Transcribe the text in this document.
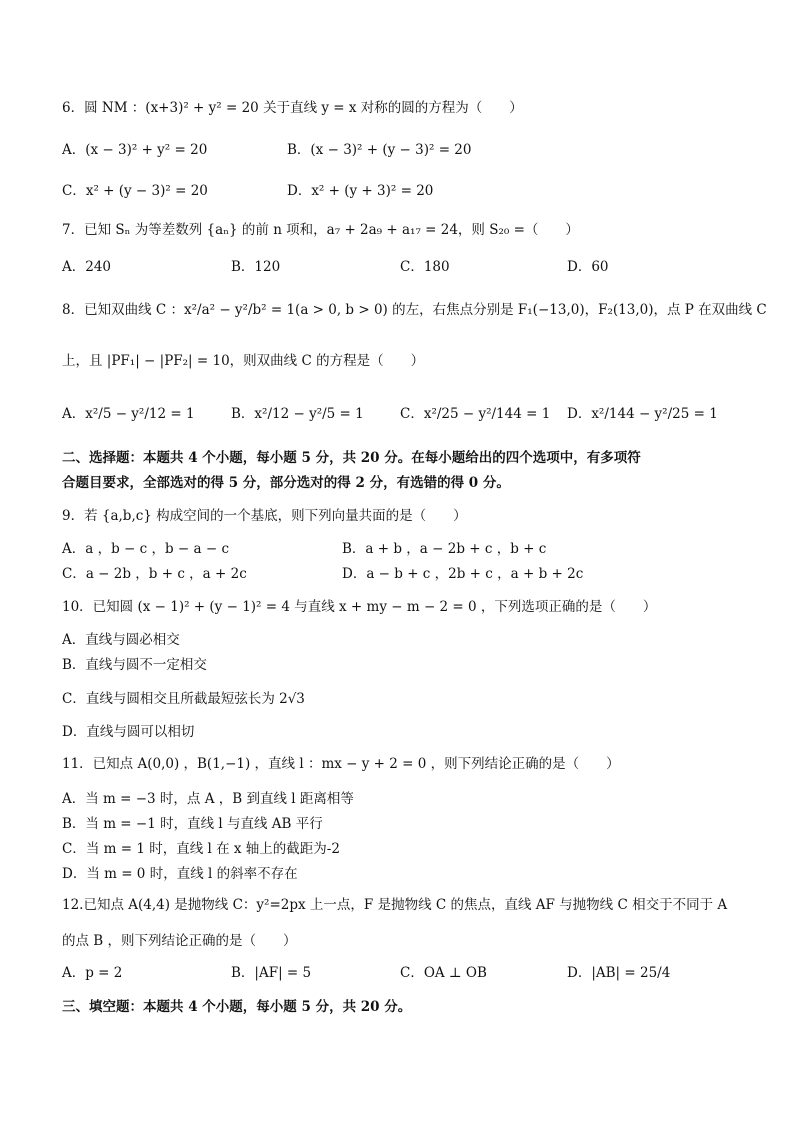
6．圆 NM ：(x+3)² + y² = 20 关于直线 y = x 对称的圆的方程为（　　）
A．(x − 3)² + y² = 20	B．(x − 3)² + (y − 3)² = 20
C．x² + (y − 3)² = 20	D．x² + (y + 3)² = 20
7．已知 Sₙ 为等差数列 {aₙ} 的前 n 项和，a₇ + 2a₉ + a₁₇ = 24，则 S₂₀ =（　　）
A．240	B．120	C．180	D．60
8．已知双曲线 C ：x²/a² − y²/b² = 1(a > 0, b > 0) 的左，右焦点分别是 F₁(−13,0)，F₂(13,0)，点 P 在双曲线 C
上，且 |PF₁| − |PF₂| = 10，则双曲线 C 的方程是（　　）
A．x²/5 − y²/12 = 1	B．x²/12 − y²/5 = 1	C．x²/25 − y²/144 = 1 D．x²/144 − y²/25 = 1
二、选择题：本题共 4 个小题，每小题 5 分，共 20 分。在每小题给出的四个选项中，有多项符
合题目要求，全部选对的得 5 分，部分选对的得 2 分，有选错的得 0 分。
9．若 {a,b,c} 构成空间的一个基底，则下列向量共面的是（　　）
A．a ，b − c ，b − a − c	B．a + b ，a − 2b + c ，b + c
C．a − 2b ，b + c ，a + 2c	D．a − b + c ，2b + c ，a + b + 2c
10．已知圆 (x − 1)² + (y − 1)² = 4 与直线 x + my − m − 2 = 0 ，下列选项正确的是（　　）
A．直线与圆必相交
B．直线与圆不一定相交
C．直线与圆相交且所截最短弦长为 2√3
D．直线与圆可以相切
11．已知点 A(0,0) ，B(1,−1) ，直线 l ：mx − y + 2 = 0 ，则下列结论正确的是（　　）
A．当 m = −3 时，点 A ，B 到直线 l 距离相等
B．当 m = −1 时，直线 l 与直线 AB 平行
C．当 m = 1 时，直线 l 在 x 轴上的截距为-2
D．当 m = 0 时，直线 l 的斜率不存在
12.已知点 A(4,4) 是抛物线 C：y²=2px 上一点，F 是抛物线 C 的焦点，直线 AF 与抛物线 C 相交于不同于 A
的点 B ，则下列结论正确的是（　　）
A．p = 2	B．|AF| = 5	C．OA ⊥ OB	D．|AB| = 25/4
三、填空题：本题共 4 个小题，每小题 5 分，共 20 分。
